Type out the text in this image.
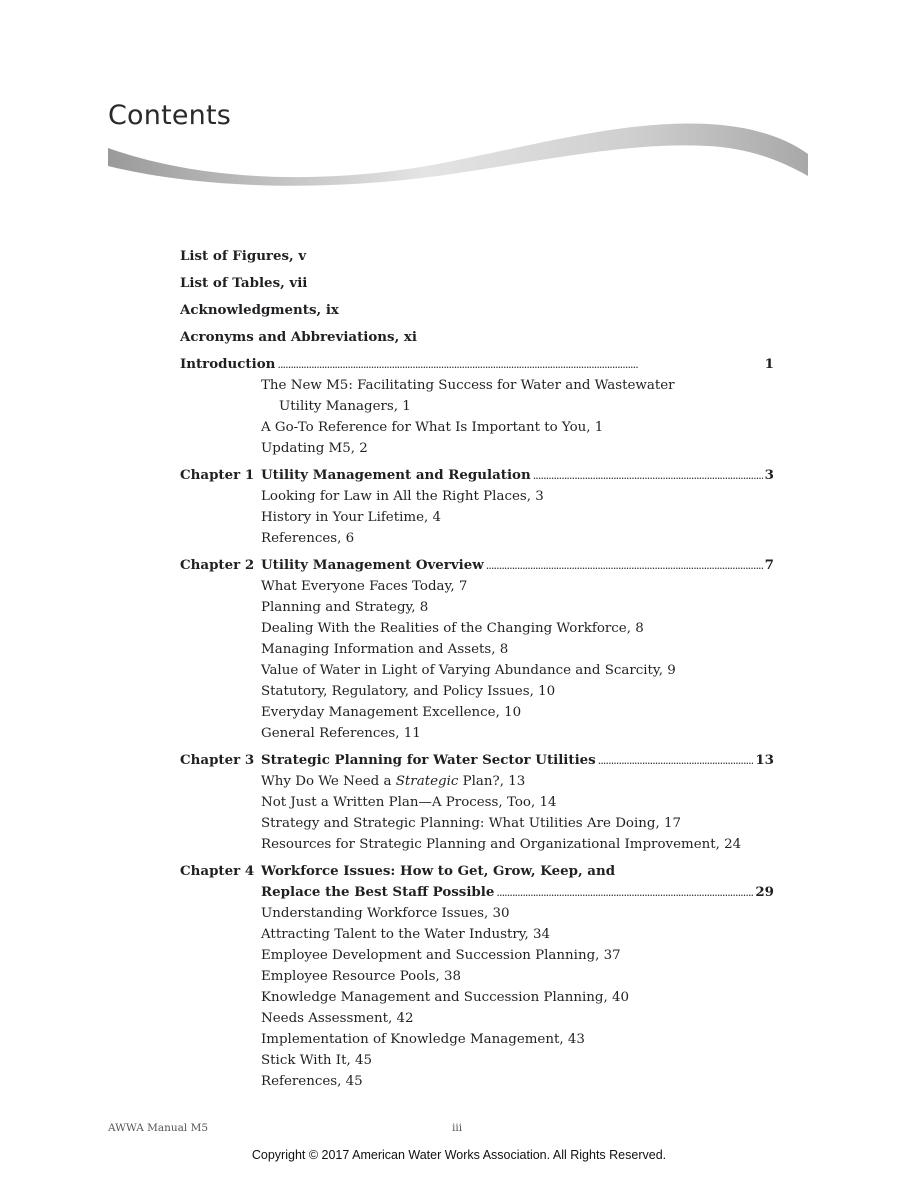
Contents
List of Figures, v
List of Tables, vii
Acknowledgments, ix
Acronyms and Abbreviations, xi
Introduction . . .	1
The New M5: Facilitating Success for Water and Wastewater
Utility Managers, 1
A Go-To Reference for What Is Important to You, 1
Updating M5, 2
Chapter 1 Utility Management and Regulation . . .	3
Looking for Law in All the Right Places, 3
History in Your Lifetime, 4
References, 6
Chapter 2 Utility Management Overview . . .	7
What Everyone Faces Today, 7
Planning and Strategy, 8
Dealing With the Realities of the Changing Workforce, 8
Managing Information and Assets, 8
Value of Water in Light of Varying Abundance and Scarcity, 9
Statutory, Regulatory, and Policy Issues, 10
Everyday Management Excellence, 10
General References, 11
Chapter 3 Strategic Planning for Water Sector Utilities . . .	13
Why Do We Need a Strategic Plan?, 13
Not Just a Written Plan—A Process, Too, 14
Strategy and Strategic Planning: What Utilities Are Doing, 17
Resources for Strategic Planning and Organizational Improvement, 24
Chapter 4 Workforce Issues: How to Get, Grow, Keep, and
Replace the Best Staff Possible . . .	29
Understanding Workforce Issues, 30
Attracting Talent to the Water Industry, 34
Employee Development and Succession Planning, 37
Employee Resource Pools, 38
Knowledge Management and Succession Planning, 40
Needs Assessment, 42
Implementation of Knowledge Management, 43
Stick With It, 45
References, 45
AWWA Manual M5	iii
Copyright © 2017 American Water Works Association. All Rights Reserved.
